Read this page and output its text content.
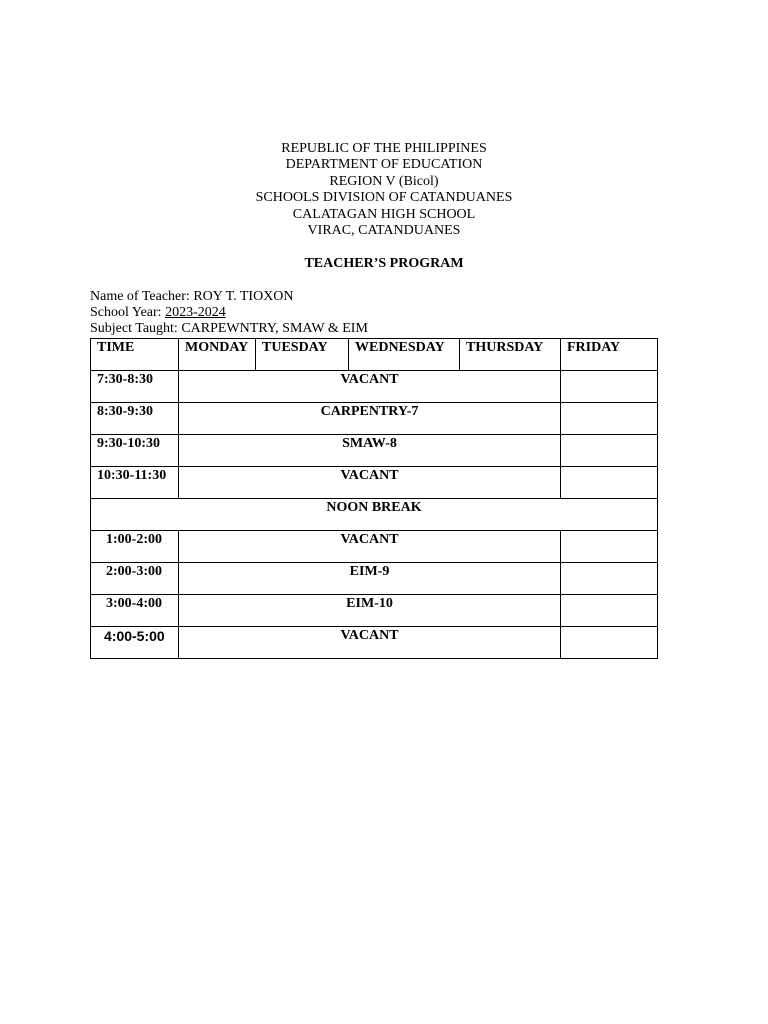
REPUBLIC OF THE PHILIPPINES
DEPARTMENT OF EDUCATION
REGION V (Bicol)
SCHOOLS DIVISION OF CATANDUANES
CALATAGAN HIGH SCHOOL
VIRAC, CATANDUANES
TEACHER’S PROGRAM
Name of Teacher: ROY T. TIOXON
School Year: 2023-2024
Subject Taught: CARPEWNTRY, SMAW & EIM
TIME	MONDAY	TUESDAY	WEDNESDAY	THURSDAY	FRIDAY
7:30-8:30	VACANT				
8:30-9:30	CARPENTRY-7				
9:30-10:30	SMAW-8				
10:30-11:30	VACANT				
NOON BREAK					
1:00-2:00	VACANT				
2:00-3:00	EIM-9				
3:00-4:00	EIM-10				
4:00-5:00	VACANT				
